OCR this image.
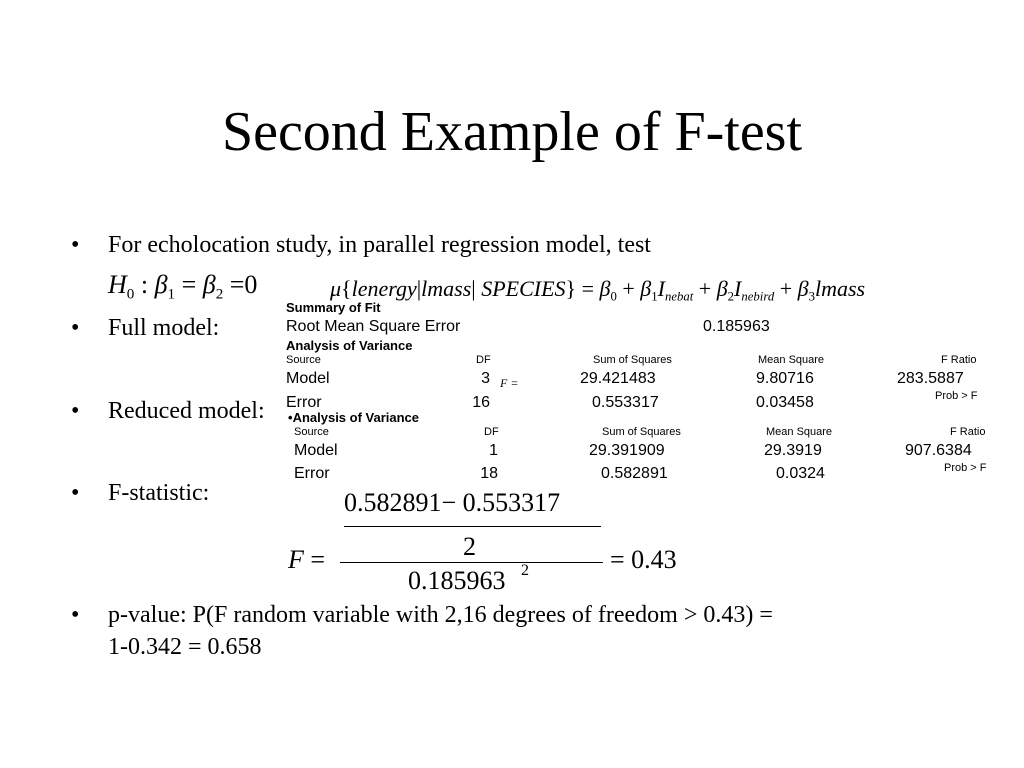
Second Example of F-test
• For echolocation study, in parallel regression model, test
$H_0$ : $\beta_1 = \beta_2 =0$	μ{lenergy|lmass| SPECIES} = $\beta_0 + \beta_1I_{nebat} + \beta_2I_{nebird}$ + $\beta_3lmass$
• Full model:
Summary of Fit
Root Mean Square Error	0.185963
Analysis of Variance
Source	DF	Sum of Squares	Mean Square	F Ratio
Model	3	29.421483	9.80716	283.5887
F =
Error	16	0.553317	0.03458	Prob > F
• Reduced model: •Analysis of Variance
Source	DF	Sum of Squares	Mean Square	F Ratio
Model	1	29.391909	29.3919	907.6384
Error	18	0.582891	0.0324	Prob > F
• F-statistic:	0.582891− 0.553317
2
F =	= 0.43
0.185963 2
• p-value: P(F random variable with 2,16 degrees of freedom > 0.43) =
1-0.342 = 0.658
